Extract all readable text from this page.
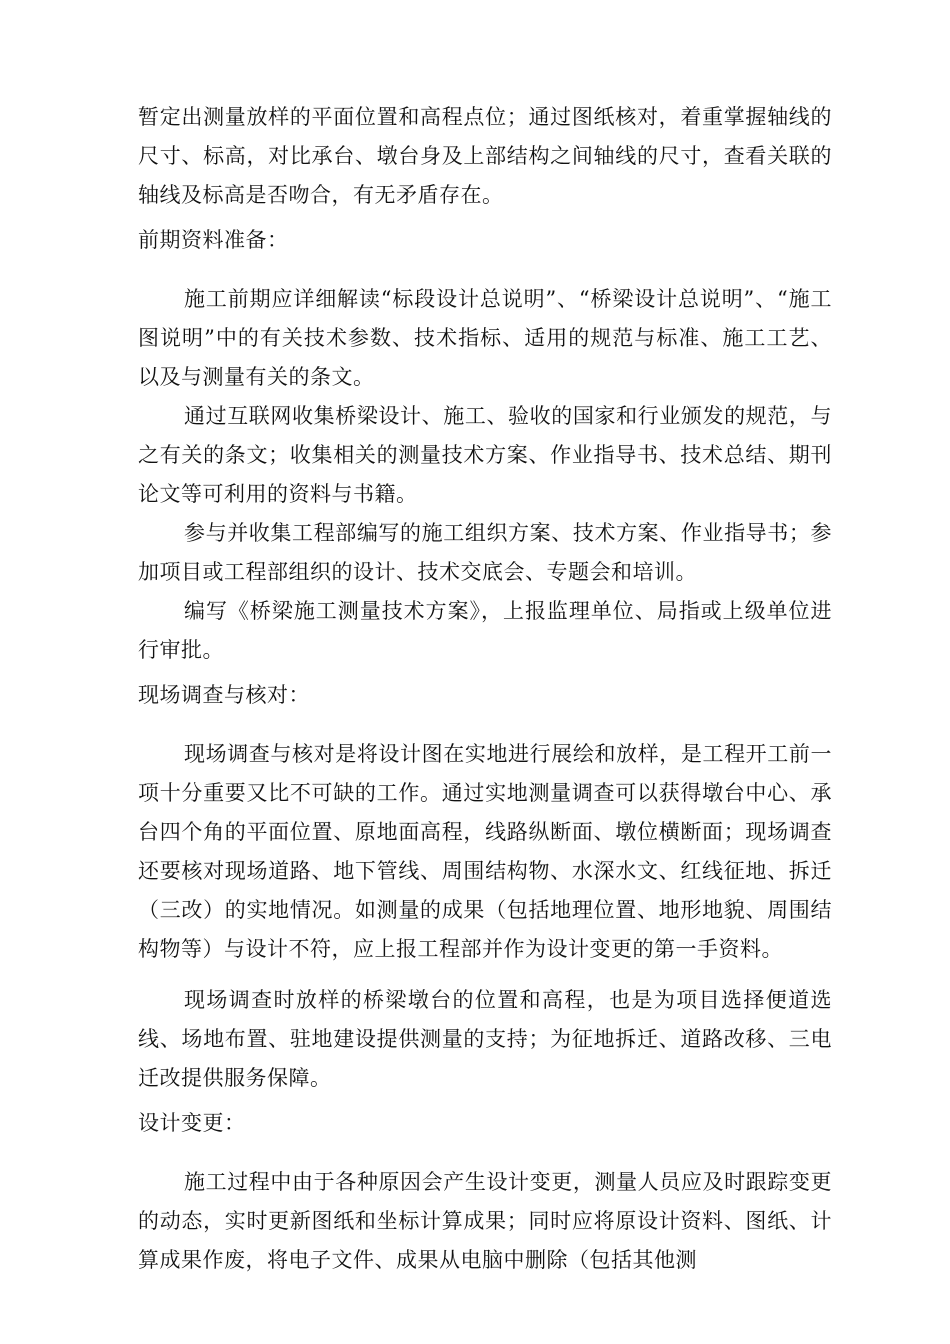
暂定出测量放样的平面位置和高程点位；通过图纸核对，着重掌握轴线的尺寸、标高，对比承台、墩台身及上部结构之间轴线的尺寸，查看关联的轴线及标高是否吻合，有无矛盾存在。

前期资料准备：

施工前期应详细解读“标段设计总说明”、“桥梁设计总说明”、“施工图说明”中的有关技术参数、技术指标、适用的规范与标准、施工工艺、以及与测量有关的条文。

通过互联网收集桥梁设计、施工、验收的国家和行业颁发的规范，与之有关的条文；收集相关的测量技术方案、作业指导书、技术总结、期刊论文等可利用的资料与书籍。

参与并收集工程部编写的施工组织方案、技术方案、作业指导书；参加项目或工程部组织的设计、技术交底会、专题会和培训。

编写《桥梁施工测量技术方案》，上报监理单位、局指或上级单位进行审批。

现场调查与核对：

现场调查与核对是将设计图在实地进行展绘和放样，是工程开工前一项十分重要又比不可缺的工作。通过实地测量调查可以获得墩台中心、承台四个角的平面位置、原地面高程，线路纵断面、墩位横断面；现场调查还要核对现场道路、地下管线、周围结构物、水深水文、红线征地、拆迁（三改）的实地情况。如测量的成果（包括地理位置、地形地貌、周围结构物等）与设计不符，应上报工程部并作为设计变更的第一手资料。

现场调查时放样的桥梁墩台的位置和高程，也是为项目选择便道选线、场地布置、驻地建设提供测量的支持；为征地拆迁、道路改移、三电迁改提供服务保障。

设计变更：

施工过程中由于各种原因会产生设计变更，测量人员应及时跟踪变更的动态，实时更新图纸和坐标计算成果；同时应将原设计资料、图纸、计算成果作废，将电子文件、成果从电脑中删除（包括其他测
